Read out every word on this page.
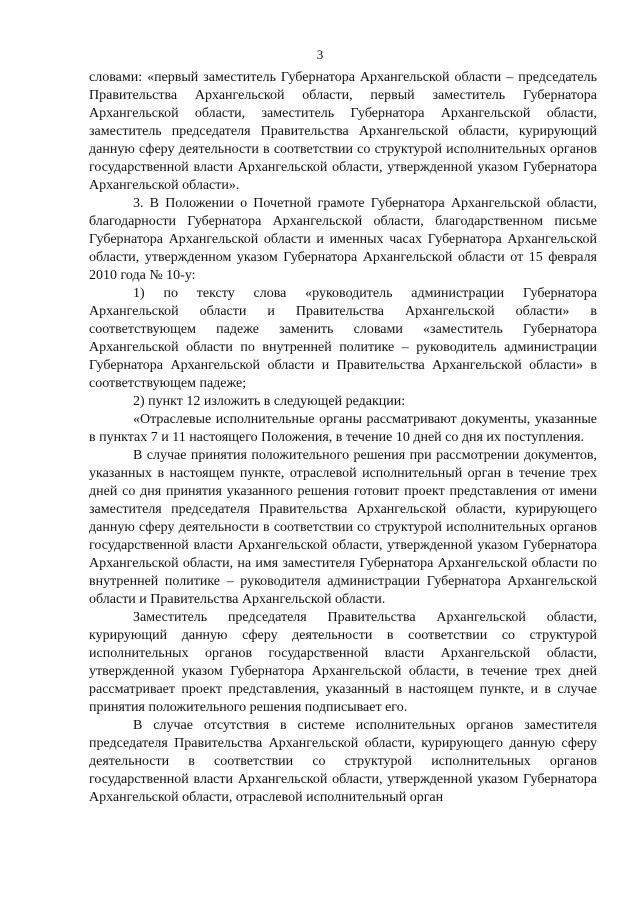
3

словами: «первый заместитель Губернатора Архангельской области – председатель Правительства Архангельской области, первый заместитель Губернатора Архангельской области, заместитель Губернатора Архангельской области, заместитель председателя Правительства Архангельской области, курирующий данную сферу деятельности в соответствии со структурой исполнительных органов государственной власти Архангельской области, утвержденной указом Губернатора Архангельской области».

3. В Положении о Почетной грамоте Губернатора Архангельской области, благодарности Губернатора Архангельской области, благодарственном письме Губернатора Архангельской области и именных часах Губернатора Архангельской области, утвержденном указом Губернатора Архангельской области от 15 февраля 2010 года № 10-у:

1) по тексту слова «руководитель администрации Губернатора Архангельской области и Правительства Архангельской области» в соответствующем падеже заменить словами «заместитель Губернатора Архангельской области по внутренней политике – руководитель администрации Губернатора Архангельской области и Правительства Архангельской области» в соответствующем падеже;

2) пункт 12 изложить в следующей редакции:

«Отраслевые исполнительные органы рассматривают документы, указанные в пунктах 7 и 11 настоящего Положения, в течение 10 дней со дня их поступления.

В случае принятия положительного решения при рассмотрении документов, указанных в настоящем пункте, отраслевой исполнительный орган в течение трех дней со дня принятия указанного решения готовит проект представления от имени заместителя председателя Правительства Архангельской области, курирующего данную сферу деятельности в соответствии со структурой исполнительных органов государственной власти Архангельской области, утвержденной указом Губернатора Архангельской области, на имя заместителя Губернатора Архангельской области по внутренней политике – руководителя администрации Губернатора Архангельской области и Правительства Архангельской области.

Заместитель председателя Правительства Архангельской области, курирующий данную сферу деятельности в соответствии со структурой исполнительных органов государственной власти Архангельской области, утвержденной указом Губернатора Архангельской области, в течение трех дней рассматривает проект представления, указанный в настоящем пункте, и в случае принятия положительного решения подписывает его.

В случае отсутствия в системе исполнительных органов заместителя председателя Правительства Архангельской области, курирующего данную сферу деятельности в соответствии со структурой исполнительных органов государственной власти Архангельской области, утвержденной указом Губернатора Архангельской области, отраслевой исполнительный орган
